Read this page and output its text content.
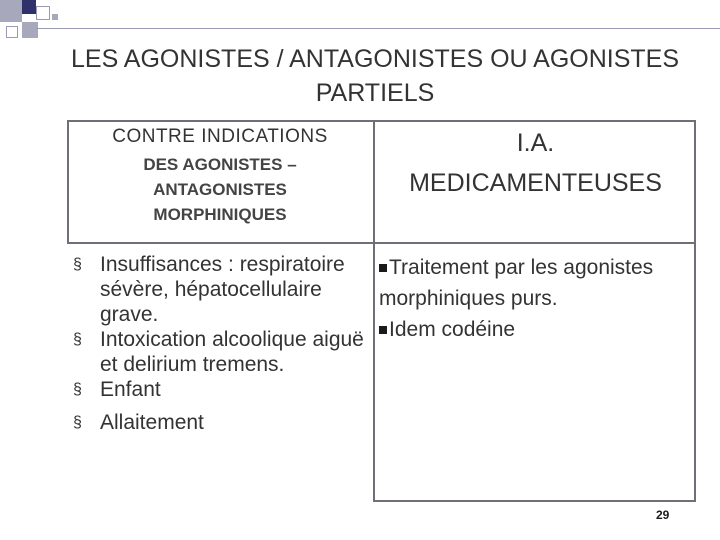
LES AGONISTES / ANTAGONISTES OU AGONISTES PARTIELS
CONTRE INDICATIONS
DES AGONISTES –
ANTAGONISTES
MORPHINIQUES
I.A.
MEDICAMENTEUSES
§ Insuffisances : respiratoire sévère, hépatocellulaire grave.
§ Intoxication alcoolique aiguë et delirium tremens.
§ Enfant
§ Allaitement
Traitement par les agonistes morphiniques purs.
Idem codéine
29
